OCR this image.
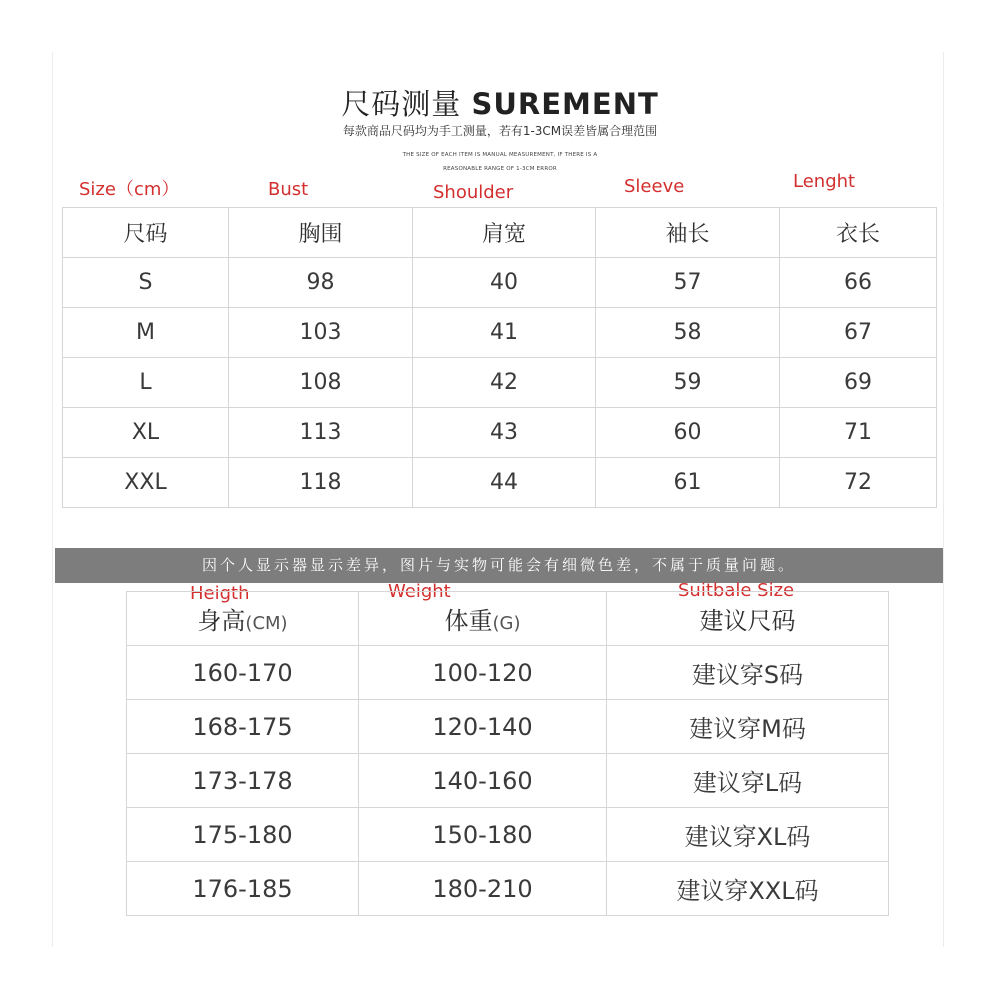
尺码测量 SUREMENT
每款商品尺码均为手工测量，若有1-3CM误差皆属合理范围
THE SIZE OF EACH ITEM IS MANUAL MEASUREMENT, IF THERE IS A
REASONABLE RANGE OF 1-3CM ERROR
Size（cm）	Bust	Shoulder	Sleeve	Lenght
尺码	胸围	肩宽	袖长	衣长
S	98	40	57	66
M	103	41	58	67
L	108	42	59	69
XL	113	43	60	71
XXL	118	44	61	72
因个人显示器显示差异，图片与实物可能会有细微色差，不属于质量问题。
Heigth	Weight	Suitbale Size
身高(CM)	体重(G)	建议尺码
160-170	100-120	建议穿S码
168-175	120-140	建议穿M码
173-178	140-160	建议穿L码
175-180	150-180	建议穿XL码
176-185	180-210	建议穿XXL码
